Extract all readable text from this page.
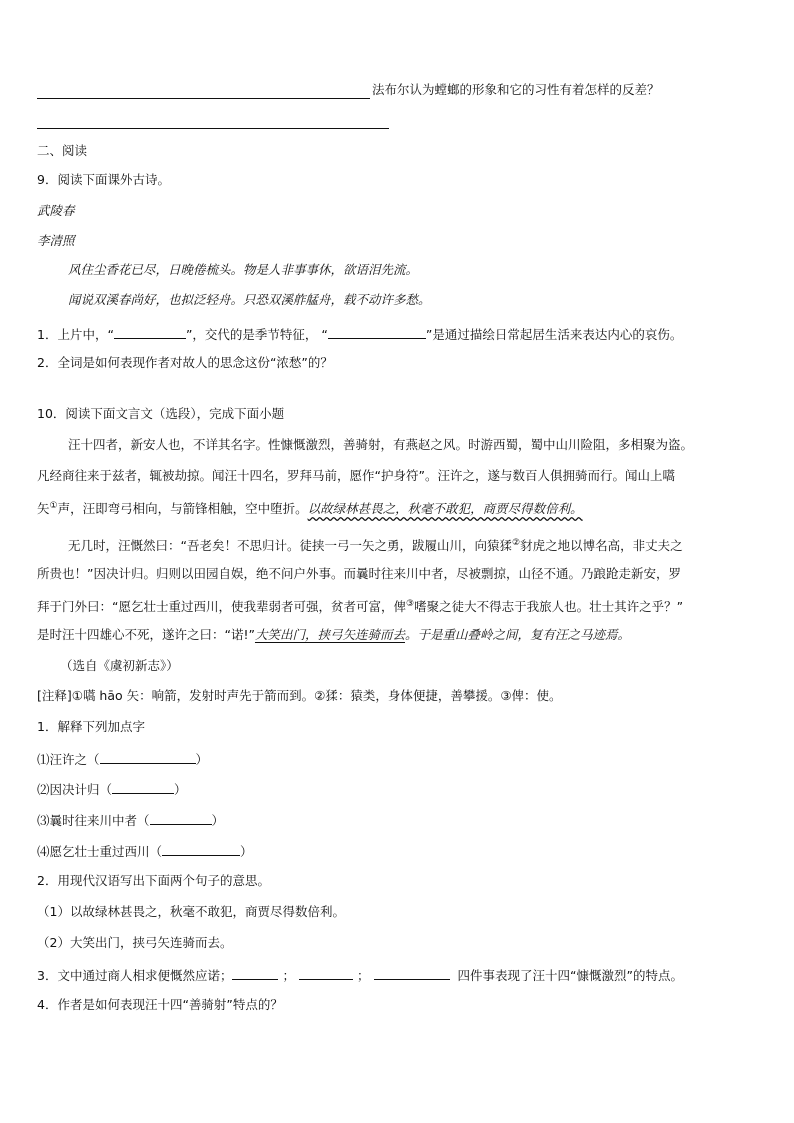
法布尔认为螳螂的形象和它的习性有着怎样的反差？
二、阅读
9．阅读下面课外古诗。
武陵春
李清照
风住尘香花已尽，日晚倦梳头。物是人非事事休，欲语泪先流。
闻说双溪春尚好，也拟泛轻舟。只恐双溪舴艋舟，载不动许多愁。
1．上片中，“	”，交代的是季节特征， “	”是通过描绘日常起居生活来表达内心的哀伤。
2．全词是如何表现作者对故人的思念这份“浓愁”的？
10．阅读下面文言文（选段），完成下面小题
汪十四者，新安人也，不详其名字。性慷慨激烈，善骑射，有燕赵之风。时游西蜀，蜀中山川险阻，多相聚为盗。
凡经商往来于兹者，辄被劫掠。闻汪十四名，罗拜马前，愿作“护身符”。汪许之，遂与数百人俱拥骑而行。闻山上嚆
矢①声，汪即弯弓相向，与箭锋相触，空中堕折。以故绿林甚畏之，秋毫不敢犯，商贾尽得数倍利。
无几时，汪慨然曰：“吾老矣！不思归计。徒挟一弓一矢之勇，跋履山川，向猿猱②豺虎之地以博名高，非丈夫之
所贵也！”因决计归。归则以田园自娱，绝不问户外事。而曩时往来川中者，尽被剽掠，山径不通。乃踉跄走新安，罗
拜于门外曰：“愿乞壮士重过西川，使我辈弱者可强，贫者可富，俾③嗜聚之徒大不得志于我旅人也。壮士其许之乎？”
是时汪十四雄心不死，遂许之曰：“诺!”大笑出门，挟弓矢连骑而去。于是重山叠岭之间，复有汪之马迹焉。
（选自《虞初新志》）
[注释]①嚆 hāo 矢：响箭，发射时声先于箭而到。②猱：猿类，身体便捷，善攀援。③俾：使。
1．解释下列加点字
⑴汪许之（	）
⑵因决计归（	）
⑶曩时往来川中者（	）
⑷愿乞壮士重过西川（	）
2．用现代汉语写出下面两个句子的意思。
（1）以故绿林甚畏之，秋毫不敢犯，商贾尽得数倍利。
（2）大笑出门，挟弓矢连骑而去。
3．文中通过商人相求便慨然应诺；	；	；	四件事表现了汪十四“慷慨激烈”的特点。
4．作者是如何表现汪十四“善骑射”特点的？
